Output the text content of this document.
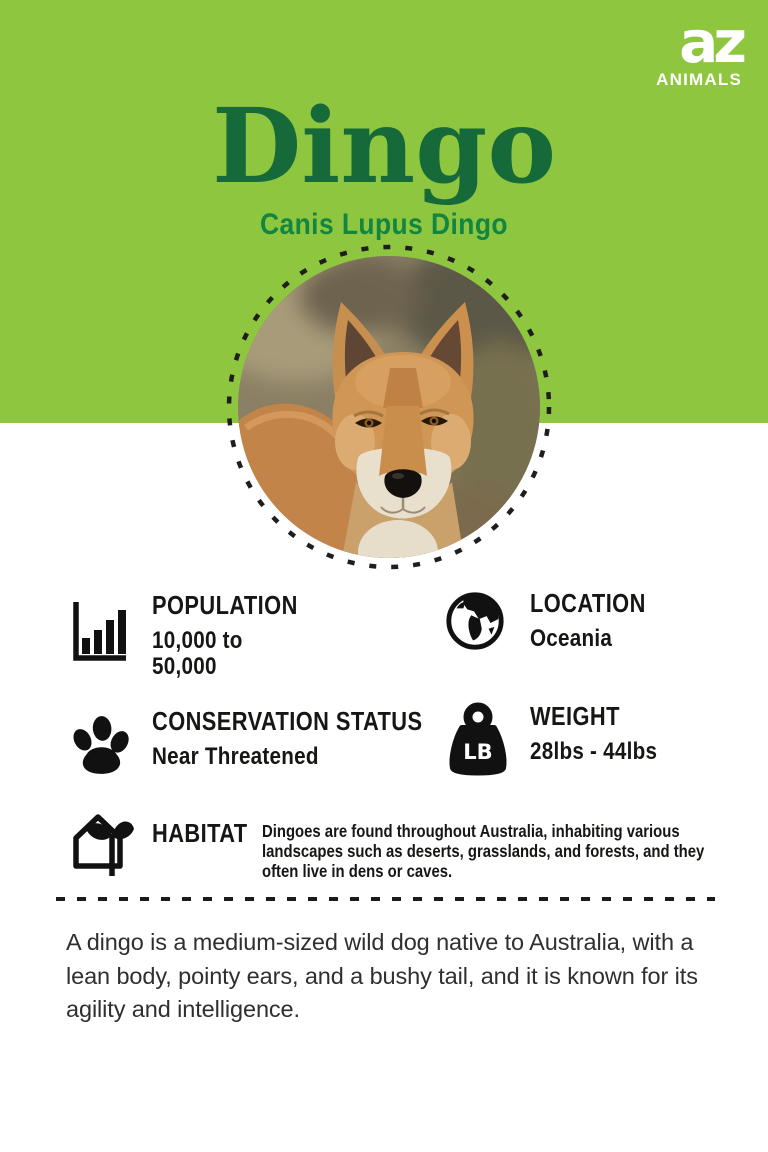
az
ANIMALS
Dingo
Canis Lupus Dingo
POPULATION
10,000 to 50,000
LOCATION
Oceania
CONSERVATION STATUS
Near Threatened	LB
WEIGHT
28lbs - 44lbs
HABITAT Dingoes are found throughout Australia, inhabiting various landscapes such as deserts, grasslands, and forests, and they often live in dens or caves.
A dingo is a medium-sized wild dog native to Australia, with a lean body, pointy ears, and a bushy tail, and it is known for its agility and intelligence.
